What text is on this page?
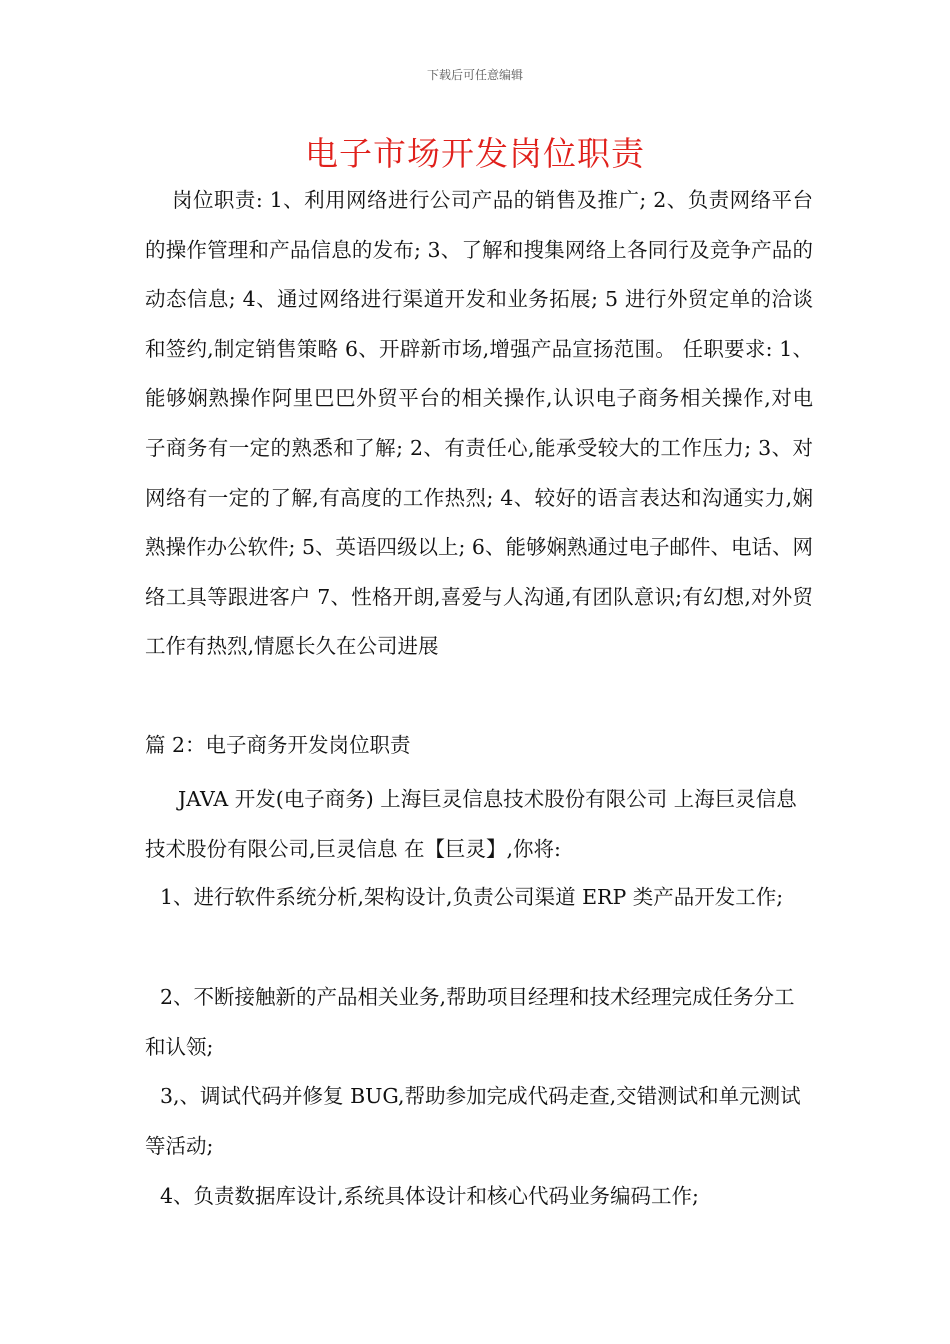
下载后可任意编辑
电子市场开发岗位职责

岗位职责: 1、利用网络进行公司产品的销售及推广; 2、负责网络平台的操作管理和产品信息的发布; 3、了解和搜集网络上各同行及竞争产品的动态信息; 4、通过网络进行渠道开发和业务拓展; 5 进行外贸定单的洽谈和签约,制定销售策略 6、开辟新市场,增强产品宣扬范围。 任职要求: 1、能够娴熟操作阿里巴巴外贸平台的相关操作,认识电子商务相关操作,对电子商务有一定的熟悉和了解; 2、有责任心,能承受较大的工作压力; 3、对网络有一定的了解,有高度的工作热烈; 4、较好的语言表达和沟通实力,娴熟操作办公软件; 5、英语四级以上; 6、能够娴熟通过电子邮件、电话、网络工具等跟进客户 7、性格开朗,喜爱与人沟通,有团队意识;有幻想,对外贸工作有热烈,情愿长久在公司进展

篇 2：电子商务开发岗位职责

JAVA 开发(电子商务) 上海巨灵信息技术股份有限公司 上海巨灵信息技术股份有限公司,巨灵信息 在【巨灵】,你将:

1、进行软件系统分析,架构设计,负责公司渠道 ERP 类产品开发工作;

2、不断接触新的产品相关业务,帮助项目经理和技术经理完成任务分工和认领;

3,、调试代码并修复 BUG,帮助参加完成代码走查,交错测试和单元测试等活动;

4、负责数据库设计,系统具体设计和核心代码业务编码工作;
